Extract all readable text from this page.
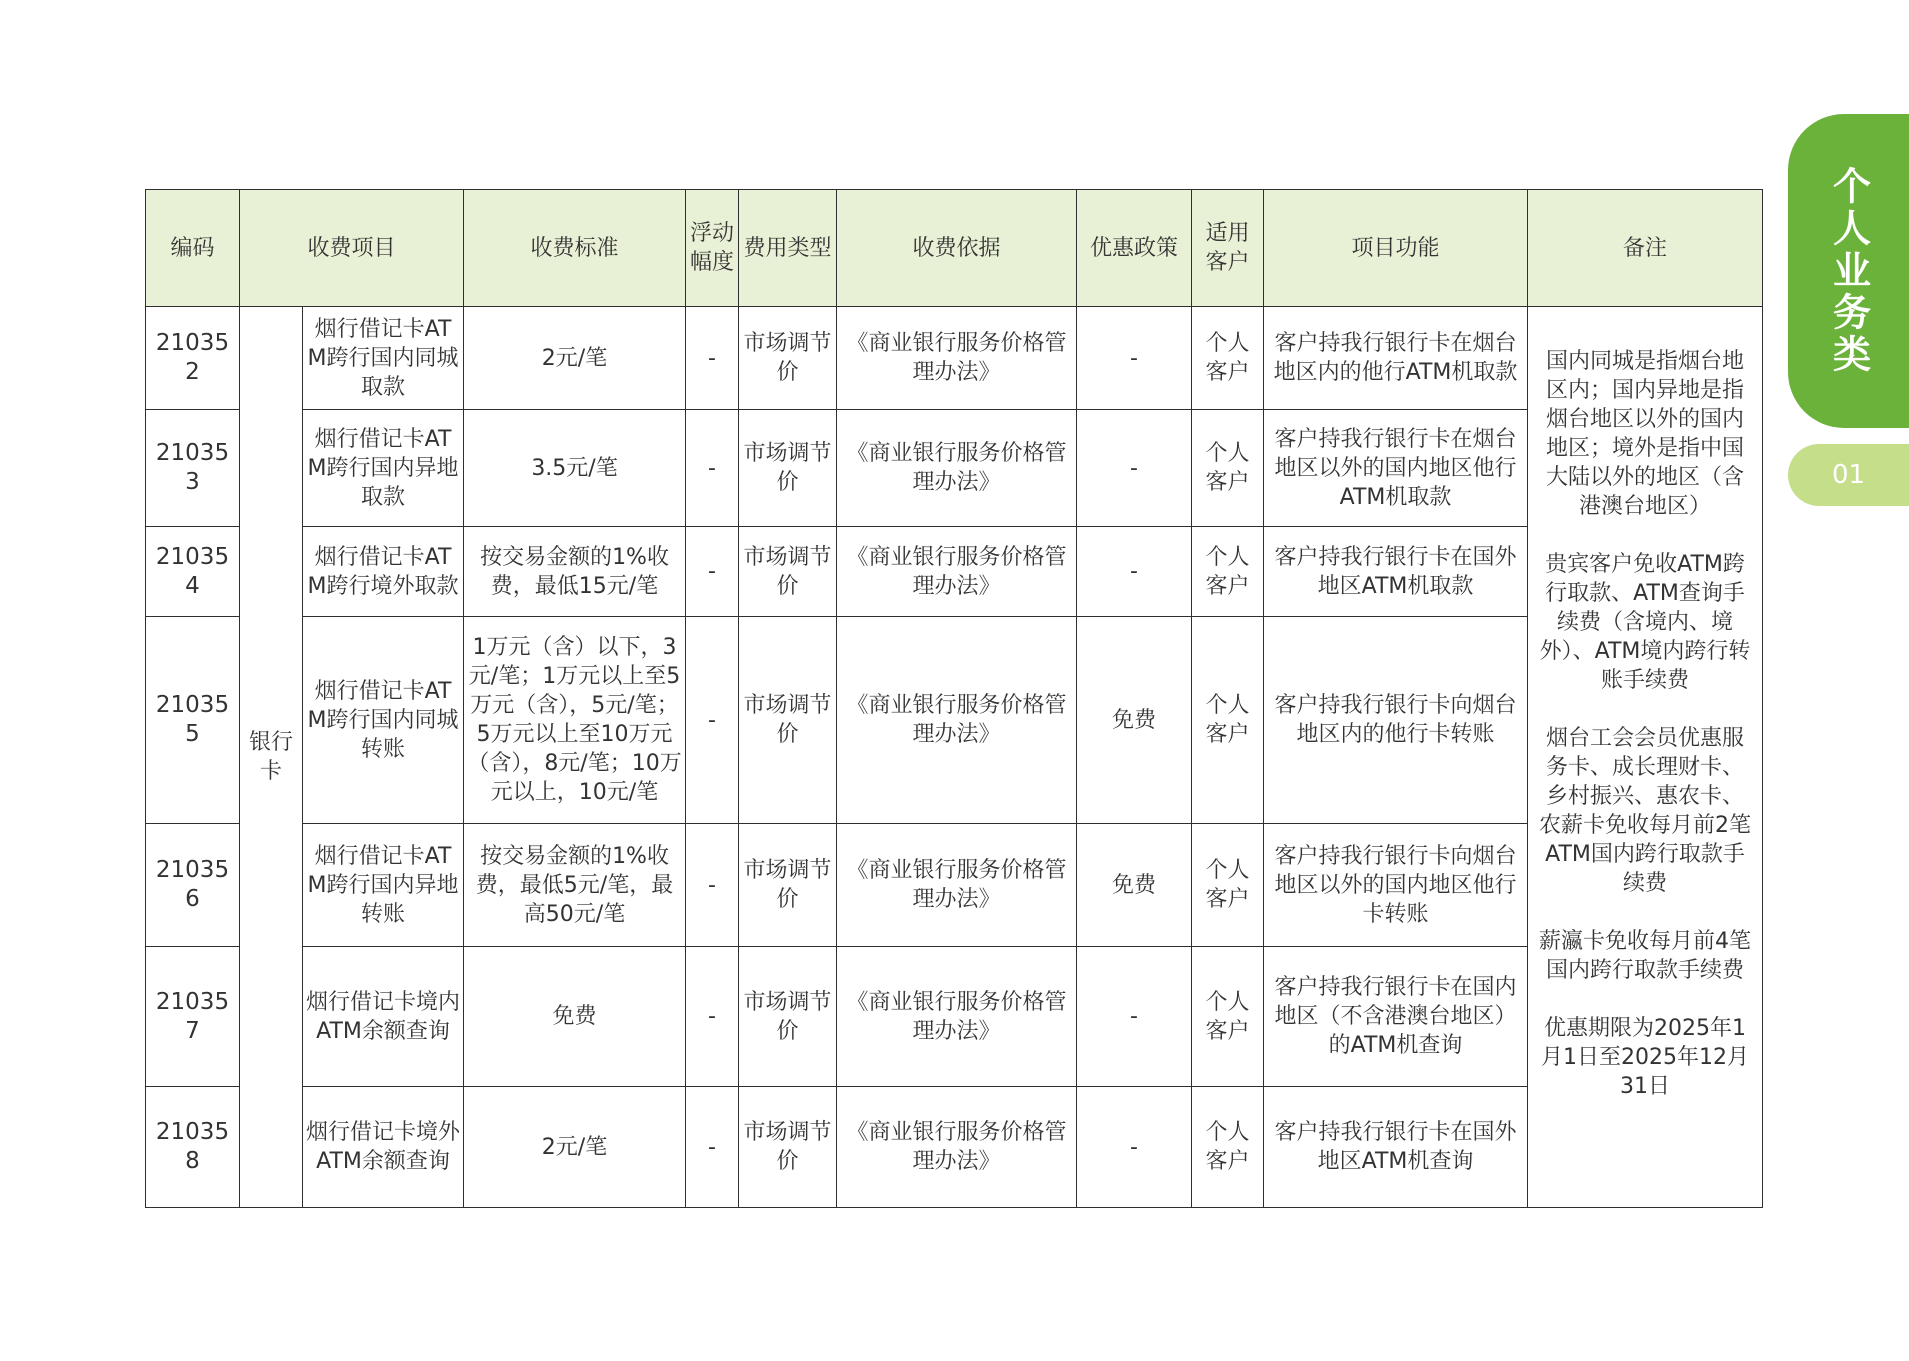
编码	收费项目		收费标准	浮动幅度	费用类型	收费依据	优惠政策	适用客户	项目功能	备注
210352	银行卡	烟行借记卡ATM跨行国内同城取款	2元/笔	-	市场调节价	《商业银行服务价格管理办法》	-	个人客户	客户持我行银行卡在烟台地区内的他行ATM机取款	国内同城是指烟台地区内；国内异地是指烟台地区以外的国内地区；境外是指中国大陆以外的地区（含港澳台地区）

贵宾客户免收ATM跨行取款、ATM查询手续费（含境内、境外）、ATM境内跨行转账手续费

烟台工会会员优惠服务卡、成长理财卡、乡村振兴、惠农卡、农薪卡免收每月前2笔ATM国内跨行取款手续费

薪瀛卡免收每月前4笔国内跨行取款手续费

优惠期限为2025年1月1日至2025年12月31日

210353		烟行借记卡ATM跨行国内异地取款	3.5元/笔	-	市场调节价	《商业银行服务价格管理办法》	-	个人客户	客户持我行银行卡在烟台地区以外的国内地区他行ATM机取款	
210354		烟行借记卡ATM跨行境外取款	按交易金额的1%收费，最低15元/笔	-	市场调节价	《商业银行服务价格管理办法》	-	个人客户	客户持我行银行卡在国外地区ATM机取款	
210355		烟行借记卡ATM跨行国内同城转账	1万元（含）以下，3元/笔；1万元以上至5万元（含），5元/笔；5万元以上至10万元（含），8元/笔；10万元以上，10元/笔	-	市场调节价	《商业银行服务价格管理办法》	免费	个人客户	客户持我行银行卡向烟台地区内的他行卡转账	
210356		烟行借记卡ATM跨行国内异地转账	按交易金额的1%收费，最低5元/笔，最高50元/笔	-	市场调节价	《商业银行服务价格管理办法》	免费	个人客户	客户持我行银行卡向烟台地区以外的国内地区他行卡转账	
210357		烟行借记卡境内ATM余额查询	免费	-	市场调节价	《商业银行服务价格管理办法》	-	个人客户	客户持我行银行卡在国内地区（不含港澳台地区）的ATM机查询	
210358		烟行借记卡境外ATM余额查询	2元/笔	-	市场调节价	《商业银行服务价格管理办法》	-	个人客户	客户持我行银行卡在国外地区ATM机查询	
个人业务类
01
